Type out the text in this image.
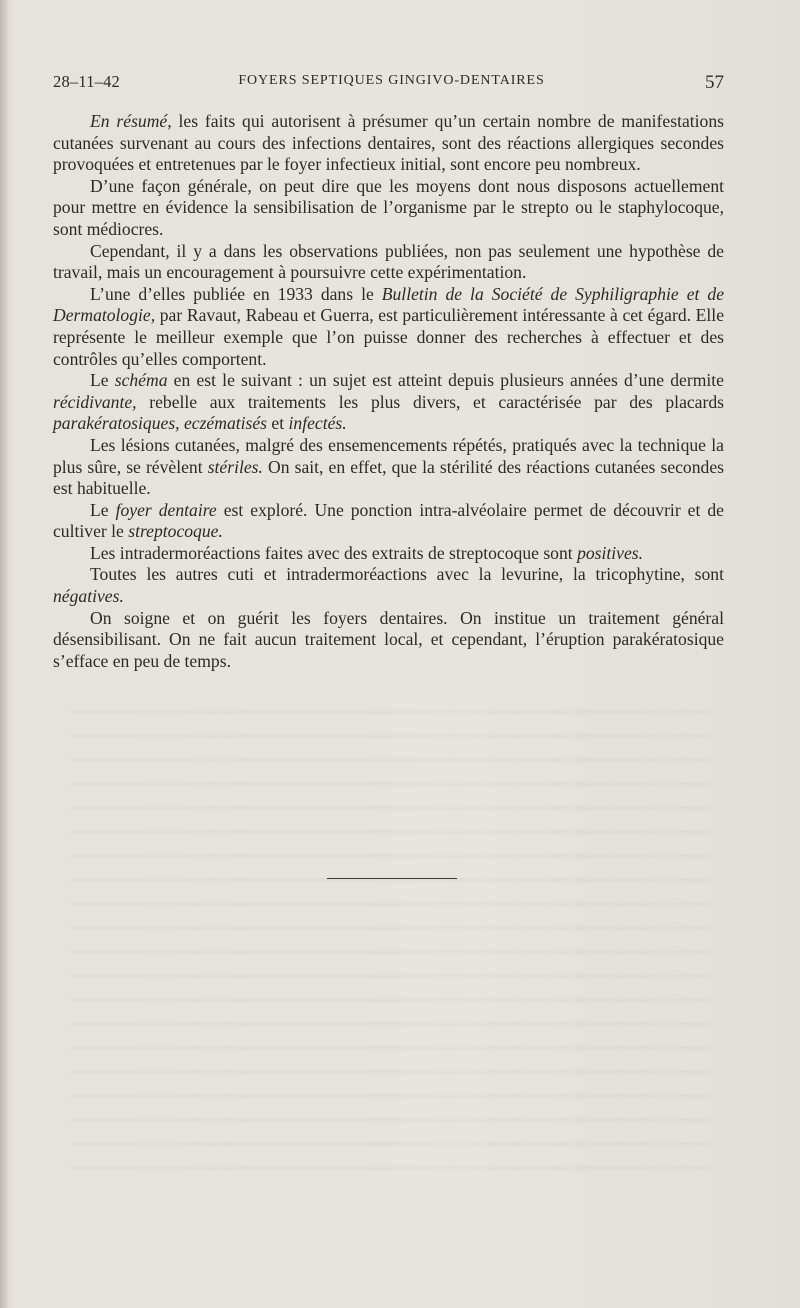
28–11–42	FOYERS SEPTIQUES GINGIVO-DENTAIRES	57

En résumé, les faits qui autorisent à présumer qu’un certain nombre de manifestations cutanées survenant au cours des infections dentaires, sont des réactions allergiques secondes provoquées et entretenues par le foyer infectieux initial, sont encore peu nombreux.

D’une façon générale, on peut dire que les moyens dont nous disposons actuellement pour mettre en évidence la sensibilisation de l’organisme par le strepto ou le staphylocoque, sont médiocres.

Cependant, il y a dans les observations publiées, non pas seulement une hypothèse de travail, mais un encouragement à poursuivre cette expérimentation.

L’une d’elles publiée en 1933 dans le Bulletin de la Société de Syphiligraphie et de Dermatologie, par Ravaut, Rabeau et Guerra, est particulièrement intéressante à cet égard. Elle représente le meilleur exemple que l’on puisse donner des recherches à effectuer et des contrôles qu’elles comportent.

Le schéma en est le suivant : un sujet est atteint depuis plusieurs années d’une dermite récidivante, rebelle aux traitements les plus divers, et caractérisée par des placards parakératosiques, eczématisés et infectés.

Les lésions cutanées, malgré des ensemencements répétés, pratiqués avec la technique la plus sûre, se révèlent stériles. On sait, en effet, que la stérilité des réactions cutanées secondes est habituelle.

Le foyer dentaire est exploré. Une ponction intra-alvéolaire permet de découvrir et de cultiver le streptocoque.

Les intradermoréactions faites avec des extraits de streptocoque sont positives.

Toutes les autres cuti et intradermoréactions avec la levurine, la tricophytine, sont négatives.

On soigne et on guérit les foyers dentaires. On institue un traitement général désensibilisant. On ne fait aucun traitement local, et cependant, l’éruption parakératosique s’efface en peu de temps.
